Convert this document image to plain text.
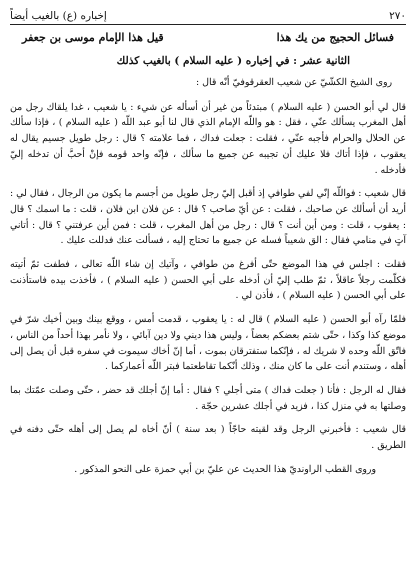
٢٧٠
إخباره (ع) بالغيب أيضاً
فسائل الحجيج من يك هذا
قيل هذا الإمام موسى بن جعفر
الثانية عشر : في إخباره ( عليه السلام ) بالغيب كذلك

روى الشيخ الكشّيّ عن شعيب العقرقوفيّ أنّه قال :

قال لي أبو الحسن ( عليه السلام ) مبتدئاً من غير أن أسأله عن شيء : يا شعيب ، غدا يلقاك رجل من أهل المغرب يسألك عنّي ، فقل : هو واللّه الإمام الذي قال لنا أبو عبد اللّه ( عليه السلام ) ، فإذا سألك عن الحلال والحرام فأجبه عنّي ، فقلت : جعلت فداك ، فما علامته ؟ قال : رجل طويل جسيم يقال له يعقوب ، فإذا أتاك فلا عليك أن تجيبه عن جميع ما سألك ، فإنّه واحد قومه فإنْ أحبَّ أن تدخله إليّ فأدخله .

قال شعيب : فواللّه إنّي لفي طوافي إذ أقبل إليّ رجل طويل من أجسم ما يكون من الرجال ، فقال لي : أريد أن أسألك عن صاحبك ، فقلت : عن أيّ صاحب ؟ قال : عن فلان ابن فلان ، قلت : ما اسمك ؟ قال : يعقوب ، قلت : ومن أين أنت ؟ قال : رجل من أهل المغرب ، قلت : فمن أين عرفتني ؟ قال : أتاني آتٍ في منامي فقال : الق شعيباً فسله عن جميع ما تحتاج إليه ، فسألت عنك فدللت عليك .

فقلت : اجلس في هذا الموضع حتّى أفرغ من طوافي ، وآتيك إن شاء اللّه تعالى ، فطفت ثمّ أتيته فكلّمت رجلاً عاقلاً ، ثمّ طلب إليّ أن أدخله على أبي الحسن ( عليه السلام ) ، فأخذت بيده فاستأذنت على أبي الحسن ( عليه السلام ) ، فأذن لي .

فلمّا رآه أبو الحسن ( عليه السلام ) قال له : يا يعقوب ، قدمت أمس ، ووقع بينك وبين أخيك شرّ في موضع كذا وكذا ، حتّى شتم بعضكم بعضاً ، وليس هذا ديني ولا دين آبائي ، ولا نأمر بهذا أحداً من الناس ، فاتّق اللّه وحده لا شريك له ، فإنّكما ستفترقان بموت ، أما إنّ أخاك سيموت في سفره قبل أن يصل إلى أهله ، وستندم أنت على ما كان منك ، وذلك أنّكما تقاطعتما فبتر اللّه أعماركما .

فقال له الرجل : فأنا ( جعلت فداك ) متى أجلي ؟ فقال : أما إنّ أجلك قد حضر ، حتّى وصلت عمّتك بما وصلتها به في منزل كذا ، فزيد في أجلك عشرين حجّة .

قال شعيب : فأخبرني الرجل وقد لقيته حاجّاً ( بعد سنة ) أنّ أخاه لم يصل إلى أهله حتّى دفنه في الطريق .

وروى القطب الراونديّ هذا الحديث عن عليّ بن أبي حمزة على النحو المذكور .
